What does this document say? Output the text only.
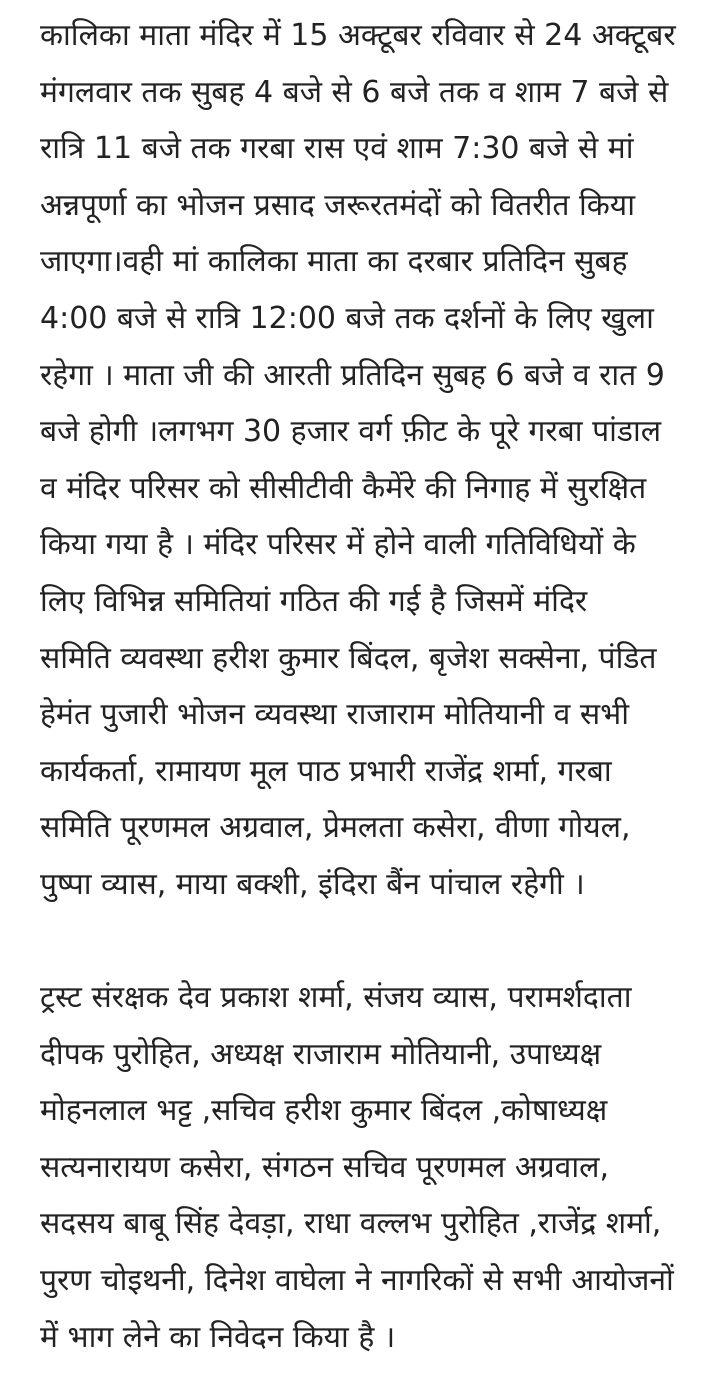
कालिका माता मंदिर में 15 अक्टूबर रविवार से 24 अक्टूबर
मंगलवार तक सुबह 4 बजे से 6 बजे तक व शाम 7 बजे से
रात्रि 11 बजे तक गरबा रास एवं शाम 7:30 बजे से मां
अन्नपूर्णा का भोजन प्रसाद जरूरतमंदों को वितरीत किया
जाएगा।वही मां कालिका माता का दरबार प्रतिदिन सुबह
4:00 बजे से रात्रि 12:00 बजे तक दर्शनों के लिए खुला
रहेगा । माता जी की आरती प्रतिदिन सुबह 6 बजे व रात 9
बजे होगी ।लगभग 30 हजार वर्ग फ़ीट के पूरे गरबा पांडाल
व मंदिर परिसर को सीसीटीवी कैमेंरे की निगाह में सुरक्षित
किया गया है । मंदिर परिसर में होने वाली गतिविधियों के
लिए विभिन्न समितियां गठित की गई है जिसमें मंदिर
समिति व्यवस्था हरीश कुमार बिंदल, बृजेश सक्सेना, पंडित
हेमंत पुजारी भोजन व्यवस्था राजाराम मोतियानी व सभी
कार्यकर्ता, रामायण मूल पाठ प्रभारी राजेंद्र शर्मा, गरबा
समिति पूरणमल अग्रवाल, प्रेमलता कसेरा, वीणा गोयल,
पुष्पा व्यास, माया बक्शी, इंदिरा बैंन पांचाल रहेगी ।
ट्रस्ट संरक्षक देव प्रकाश शर्मा, संजय व्यास, परामर्शदाता
दीपक पुरोहित, अध्यक्ष राजाराम मोतियानी, उपाध्यक्ष
मोहनलाल भट्ट ,सचिव हरीश कुमार बिंदल ,कोषाध्यक्ष
सत्यनारायण कसेरा, संगठन सचिव पूरणमल अग्रवाल,
सदसय बाबू सिंह देवड़ा, राधा वल्लभ पुरोहित ,राजेंद्र शर्मा,
पुरण चोइथनी, दिनेश वाघेला ने नागरिकों से सभी आयोजनों
में भाग लेने का निवेदन किया है ।
